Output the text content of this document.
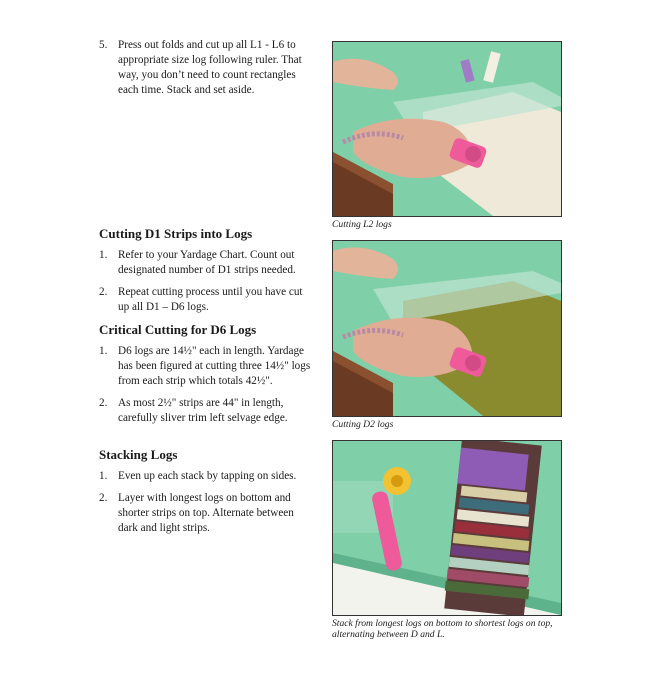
5. Press out folds and cut up all L1 - L6 to appropriate size log following ruler. That way, you don’t need to count rectangles each time. Stack and set aside.
Cutting D1 Strips into Logs
1. Refer to your Yardage Chart. Count out designated number of D1 strips needed.
2. Repeat cutting process until you have cut up all D1 – D6 logs.
Critical Cutting for D6 Logs
1. D6 logs are 14½" each in length. Yardage has been figured at cutting three 14½" logs from each strip which totals 42½".
2. As most 2½" strips are 44" in length, carefully sliver trim left selvage edge.
Stacking Logs
1. Even up each stack by tapping on sides.
2. Layer with longest logs on bottom and shorter strips on top. Alternate between dark and light strips.
Cutting L2 logs
Cutting D2 logs
Stack from longest logs on bottom to shortest logs on top,
alternating between D and L.
